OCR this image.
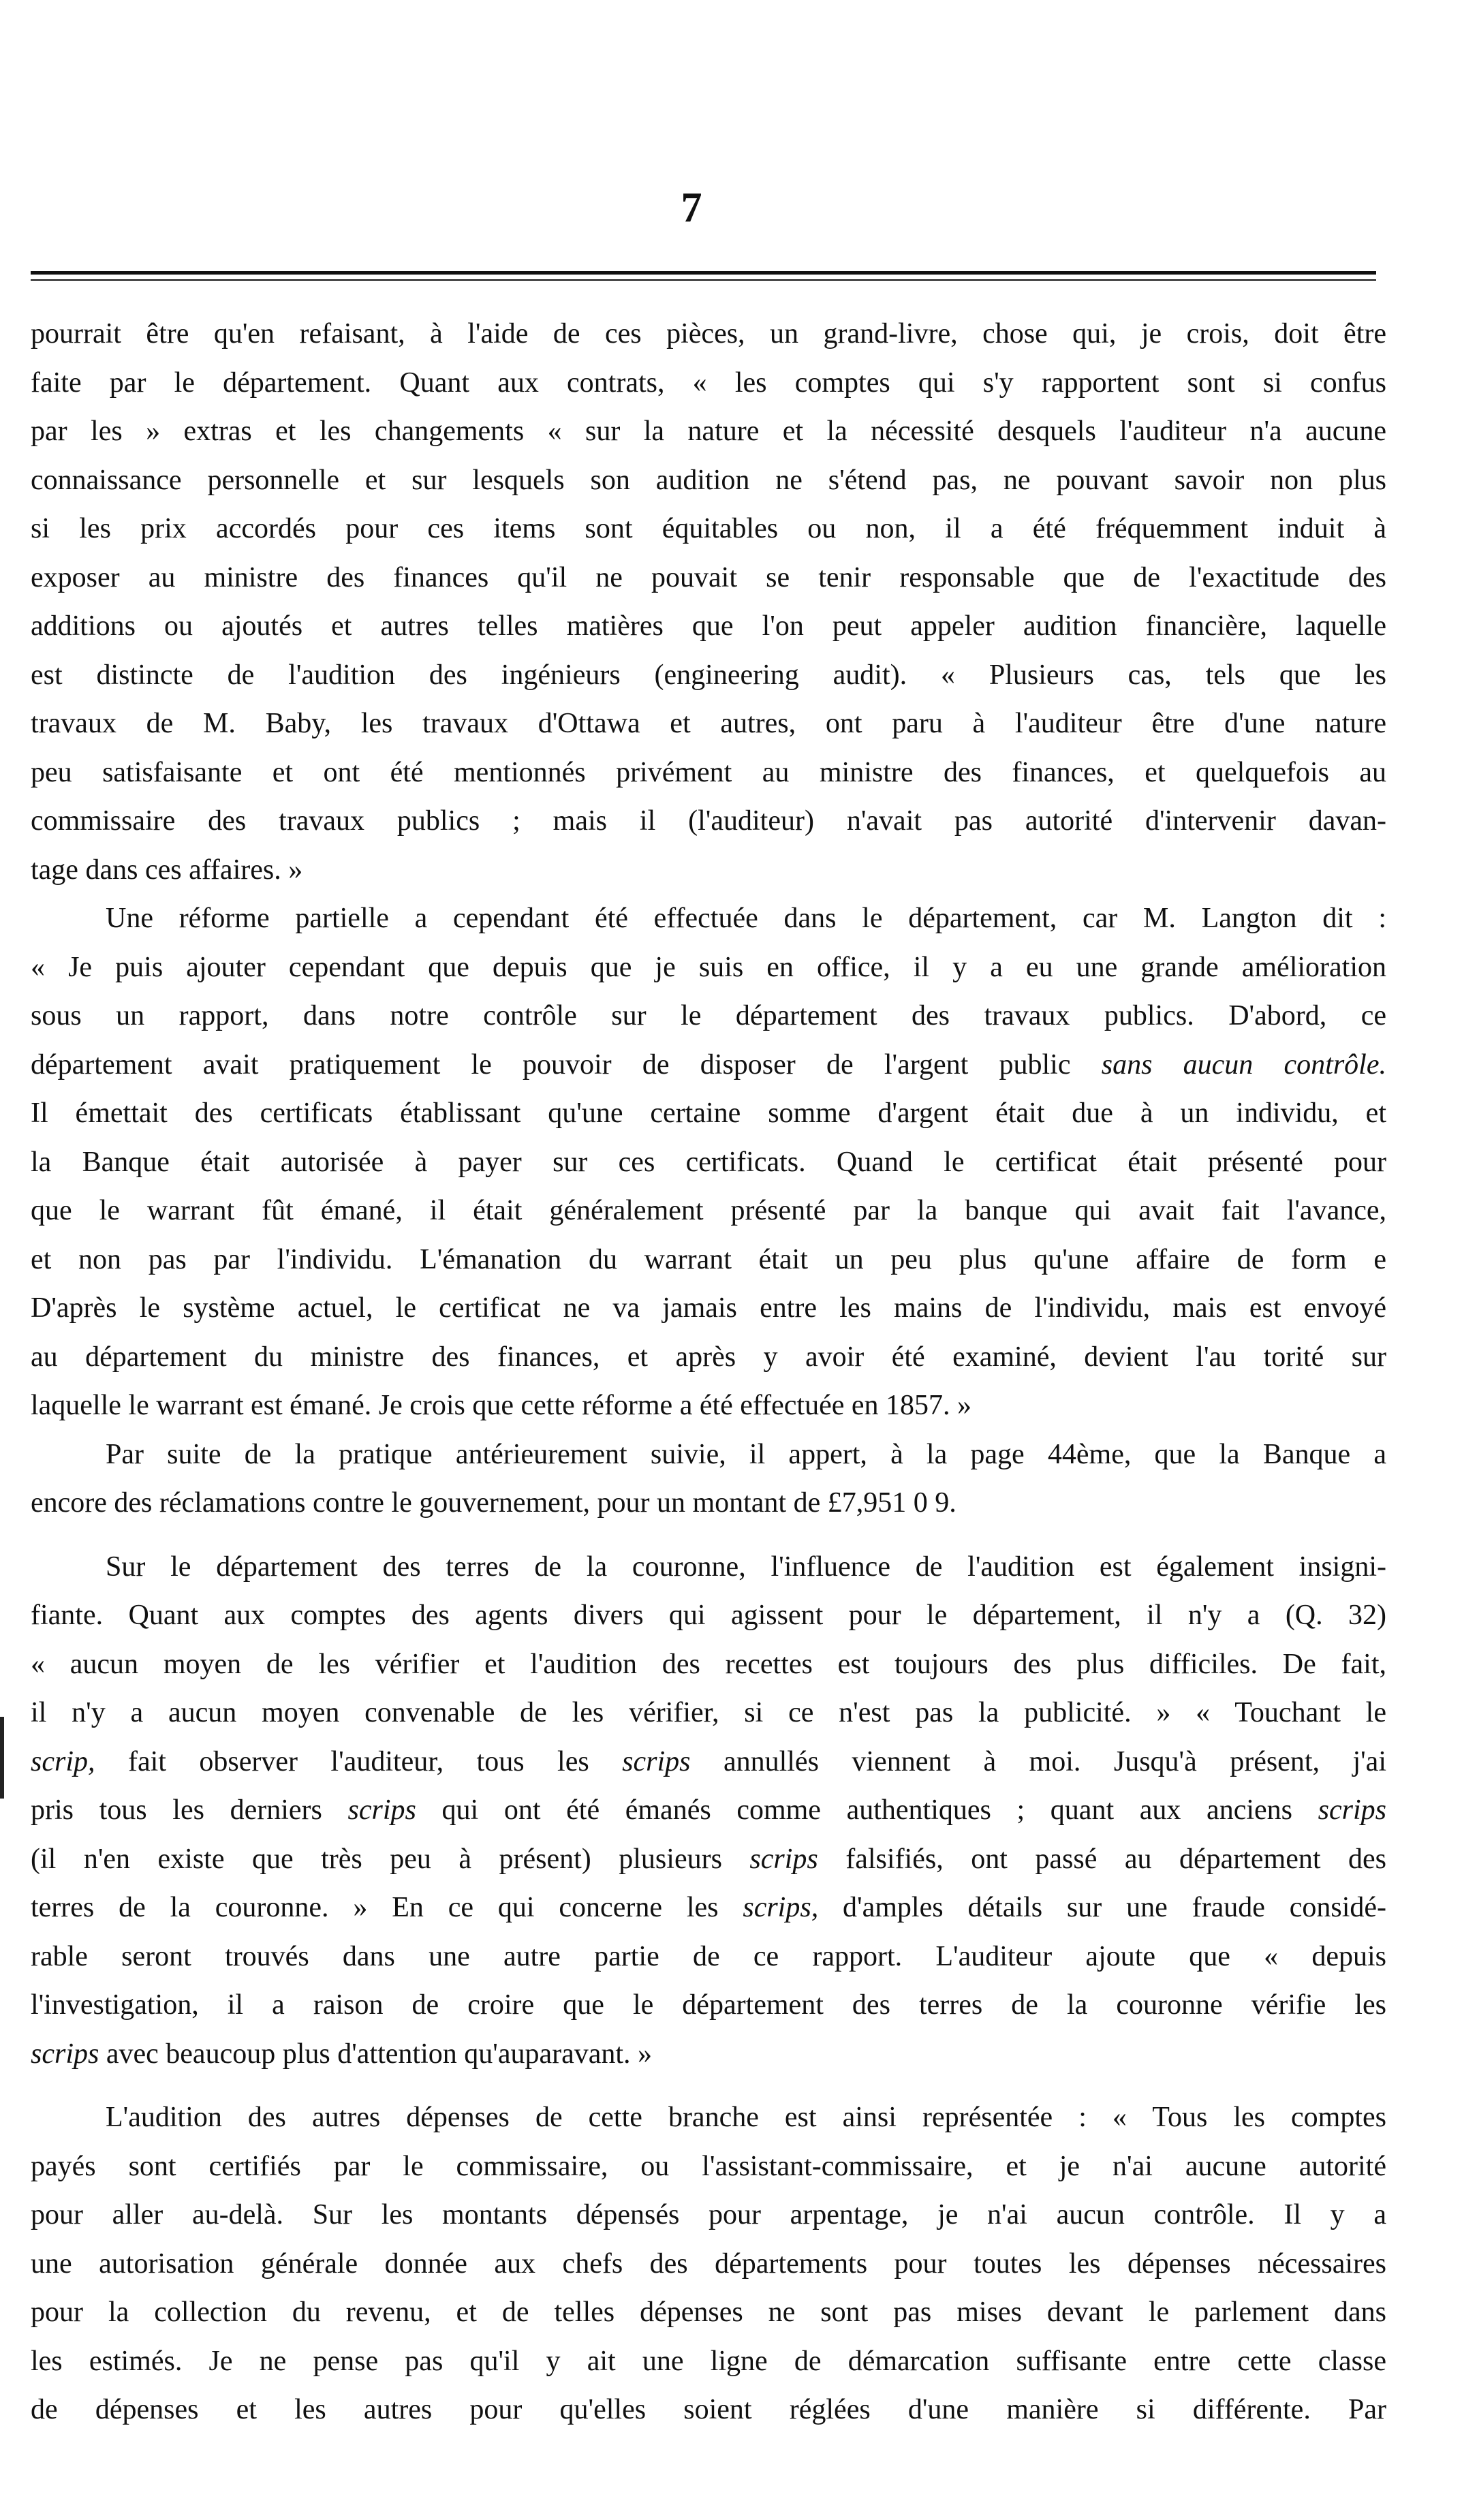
7
pourrait être qu'en refaisant, à l'aide de ces pièces, un grand-livre, chose qui, je crois, doit être
faite par le département. Quant aux contrats, « les comptes qui s'y rapportent sont si confus
par les » extras et les changements « sur la nature et la nécessité desquels l'auditeur n'a aucune
connaissance personnelle et sur lesquels son audition ne s'étend pas, ne pouvant savoir non plus
si les prix accordés pour ces items sont équitables ou non, il a été fréquemment induit à
exposer au ministre des finances qu'il ne pouvait se tenir responsable que de l'exactitude des
additions ou ajoutés et autres telles matières que l'on peut appeler audition financière, laquelle
est distincte de l'audition des ingénieurs (engineering audit). « Plusieurs cas, tels que les
travaux de M. Baby, les travaux d'Ottawa et autres, ont paru à l'auditeur être d'une nature
peu satisfaisante et ont été mentionnés privément au ministre des finances, et quelquefois au
commissaire des travaux publics ; mais il (l'auditeur) n'avait pas autorité d'intervenir davan-
tage dans ces affaires. »
Une réforme partielle a cependant été effectuée dans le département, car M. Langton dit :
« Je puis ajouter cependant que depuis que je suis en office, il y a eu une grande amélioration
sous un rapport, dans notre contrôle sur le département des travaux publics. D'abord, ce
département avait pratiquement le pouvoir de disposer de l'argent public sans aucun contrôle.
Il émettait des certificats établissant qu'une certaine somme d'argent était due à un individu, et
la Banque était autorisée à payer sur ces certificats. Quand le certificat était présenté pour
que le warrant fût émané, il était généralement présenté par la banque qui avait fait l'avance,
et non pas par l'individu. L'émanation du warrant était un peu plus qu'une affaire de form e
D'après le système actuel, le certificat ne va jamais entre les mains de l'individu, mais est envoyé
au département du ministre des finances, et après y avoir été examiné, devient l'au torité sur
laquelle le warrant est émané. Je crois que cette réforme a été effectuée en 1857. »
Par suite de la pratique antérieurement suivie, il appert, à la page 44ème, que la Banque a
encore des réclamations contre le gouvernement, pour un montant de £7,951 0 9.
Sur le département des terres de la couronne, l'influence de l'audition est également insigni-
fiante. Quant aux comptes des agents divers qui agissent pour le département, il n'y a (Q. 32)
« aucun moyen de les vérifier et l'audition des recettes est toujours des plus difficiles. De fait,
il n'y a aucun moyen convenable de les vérifier, si ce n'est pas la publicité. » « Touchant le
scrip, fait observer l'auditeur, tous les scrips annullés viennent à moi. Jusqu'à présent, j'ai
pris tous les derniers scrips qui ont été émanés comme authentiques ; quant aux anciens scrips
(il n'en existe que très peu à présent) plusieurs scrips falsifiés, ont passé au département des
terres de la couronne. » En ce qui concerne les scrips, d'amples détails sur une fraude considé-
rable seront trouvés dans une autre partie de ce rapport. L'auditeur ajoute que « depuis
l'investigation, il a raison de croire que le département des terres de la couronne vérifie les
scrips avec beaucoup plus d'attention qu'auparavant. »
L'audition des autres dépenses de cette branche est ainsi représentée : « Tous les comptes
payés sont certifiés par le commissaire, ou l'assistant-commissaire, et je n'ai aucune autorité
pour aller au-delà. Sur les montants dépensés pour arpentage, je n'ai aucun contrôle. Il y a
une autorisation générale donnée aux chefs des départements pour toutes les dépenses nécessaires
pour la collection du revenu, et de telles dépenses ne sont pas mises devant le parlement dans
les estimés. Je ne pense pas qu'il y ait une ligne de démarcation suffisante entre cette classe
de dépenses et les autres pour qu'elles soient réglées d'une manière si différente. Par
